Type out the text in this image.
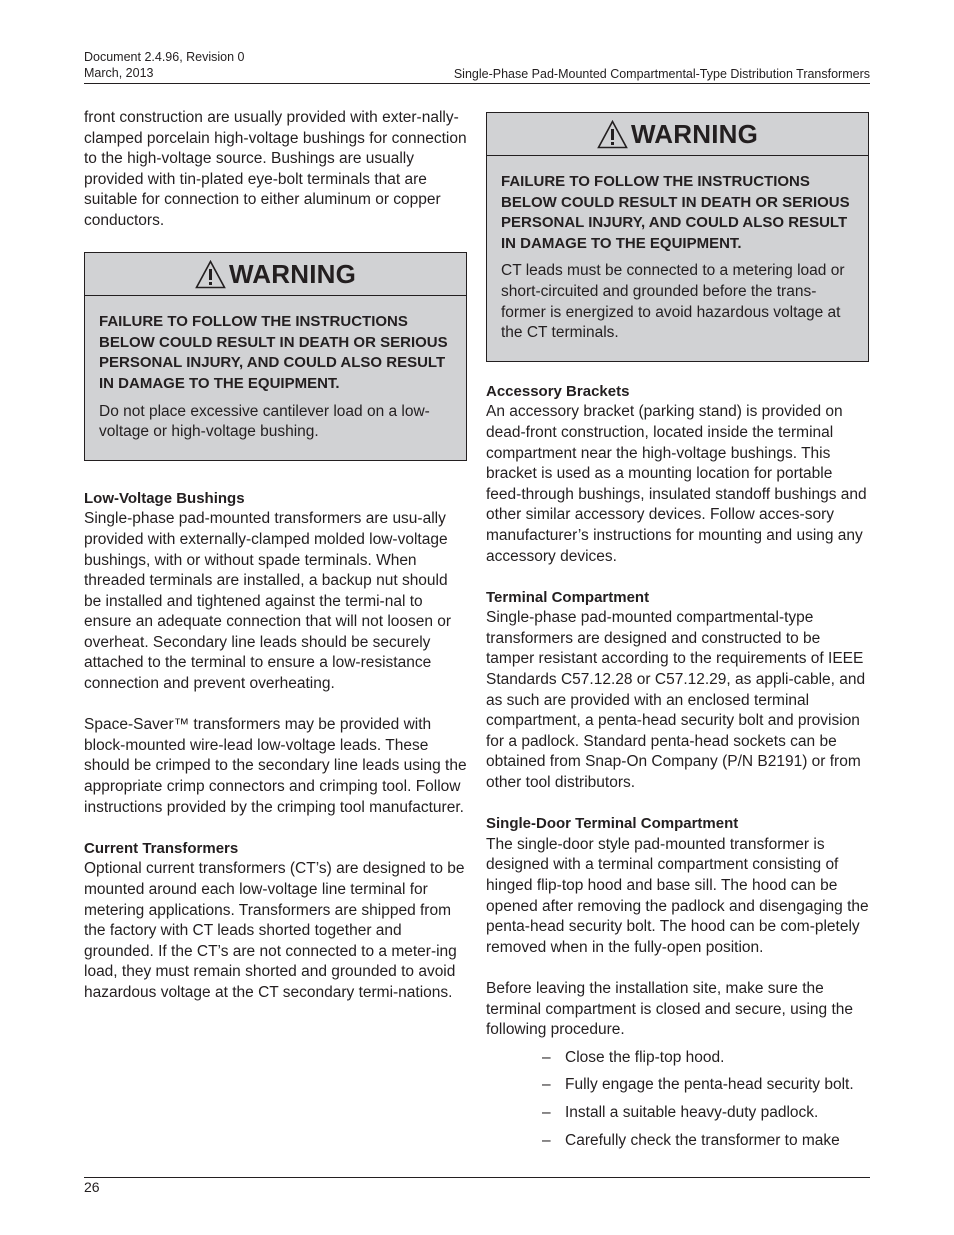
Document 2.4.96, Revision 0
March, 2013	Single-Phase Pad-Mounted Compartmental-Type Distribution Transformers

front construction are usually provided with exter-nally-clamped porcelain high-voltage bushings for connection to the high-voltage source. Bushings are usually provided with tin-plated eye-bolt terminals that are suitable for connection to either aluminum or copper conductors.

WARNING

FAILURE TO FOLLOW THE INSTRUCTIONS BELOW COULD RESULT IN DEATH OR SERIOUS PERSONAL INJURY, AND COULD ALSO RESULT IN DAMAGE TO THE EQUIPMENT.

Do not place excessive cantilever load on a low-voltage or high-voltage bushing.

Low-Voltage Bushings

Single-phase pad-mounted transformers are usu-ally provided with externally-clamped molded low-voltage bushings, with or without spade terminals. When threaded terminals are installed, a backup nut should be installed and tightened against the termi-nal to ensure an adequate connection that will not loosen or overheat. Secondary line leads should be securely attached to the terminal to ensure a low-resistance connection and prevent overheating.

Space-Saver™ transformers may be provided with block-mounted wire-lead low-voltage leads. These should be crimped to the secondary line leads using the appropriate crimp connectors and crimping tool. Follow instructions provided by the crimping tool manufacturer.

Current Transformers

Optional current transformers (CT’s) are designed to be mounted around each low-voltage line terminal for metering applications. Transformers are shipped from the factory with CT leads shorted together and grounded. If the CT’s are not connected to a meter-ing load, they must remain shorted and grounded to avoid hazardous voltage at the CT secondary termi-nations.

WARNING

FAILURE TO FOLLOW THE INSTRUCTIONS BELOW COULD RESULT IN DEATH OR SERIOUS PERSONAL INJURY, AND COULD ALSO RESULT IN DAMAGE TO THE EQUIPMENT.

CT leads must be connected to a metering load or short-circuited and grounded before the trans-former is energized to avoid hazardous voltage at the CT terminals.

Accessory Brackets

An accessory bracket (parking stand) is provided on dead-front construction, located inside the terminal compartment near the high-voltage bushings. This bracket is used as a mounting location for portable feed-through bushings, insulated standoff bushings and other similar accessory devices. Follow acces-sory manufacturer’s instructions for mounting and using any accessory devices.

Terminal Compartment

Single-phase pad-mounted compartmental-type transformers are designed and constructed to be tamper resistant according to the requirements of IEEE Standards C57.12.28 or C57.12.29, as appli-cable, and as such are provided with an enclosed terminal compartment, a penta-head security bolt and provision for a padlock. Standard penta-head sockets can be obtained from Snap-On Company (P/N B2191) or from other tool distributors.

Single-Door Terminal Compartment

The single-door style pad-mounted transformer is designed with a terminal compartment consisting of hinged flip-top hood and base sill. The hood can be opened after removing the padlock and disengaging the penta-head security bolt. The hood can be com-pletely removed when in the fully-open position.

Before leaving the installation site, make sure the terminal compartment is closed and secure, using the following procedure.

– Close the flip-top hood.
– Fully engage the penta-head security bolt.
– Install a suitable heavy-duty padlock.
– Carefully check the transformer to make
26
